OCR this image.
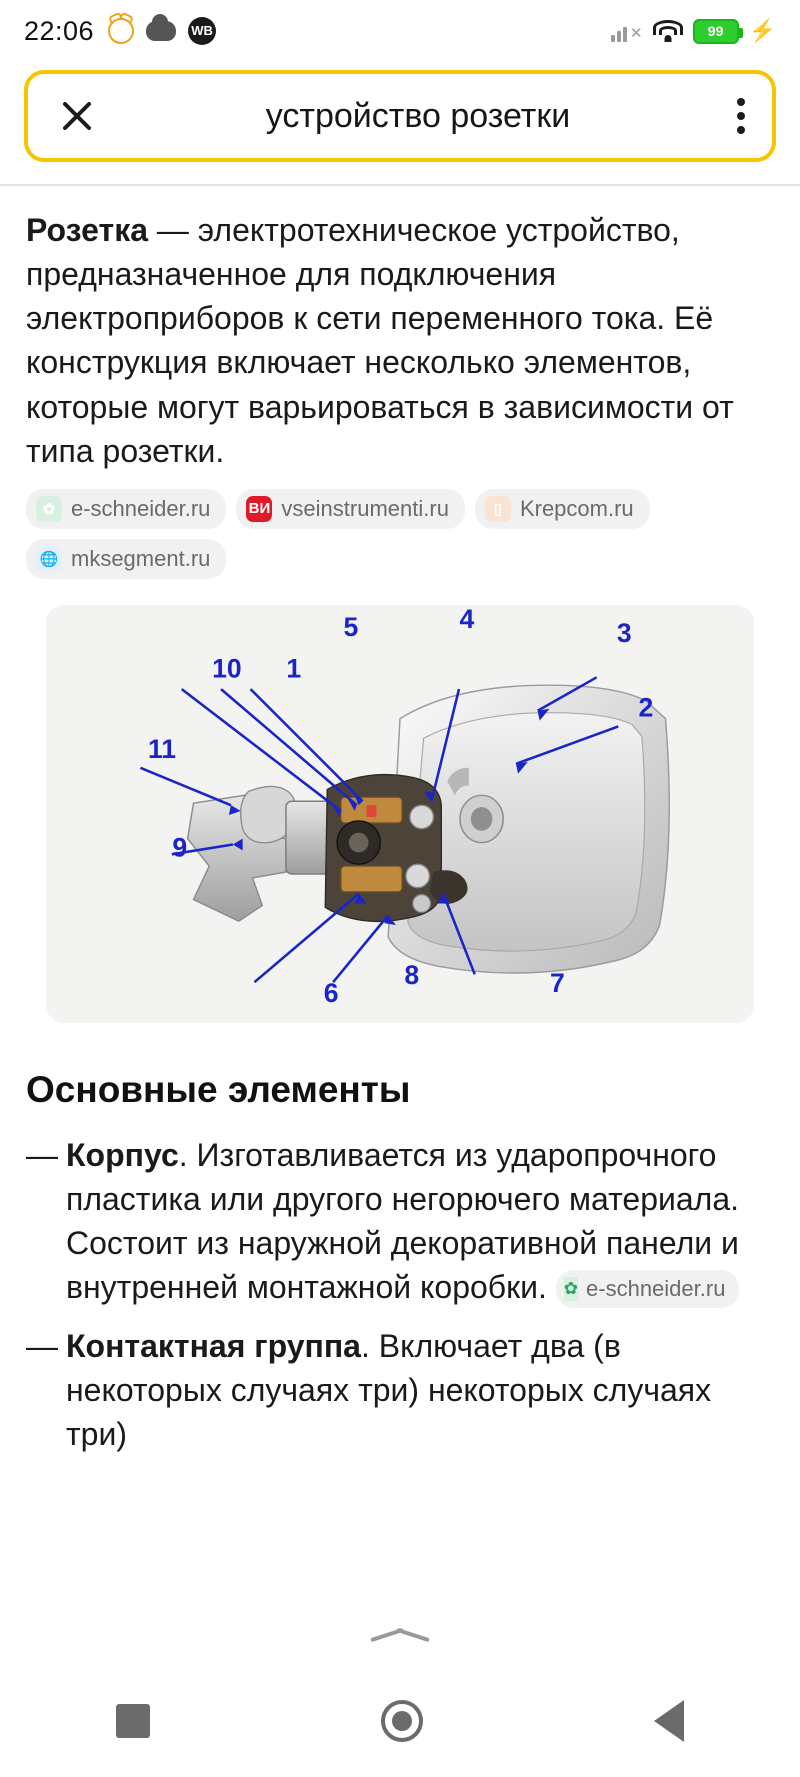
22:06	WB	✕	99 ⚡
устройство розетки
Розетка — электротехническое устройство, предназначенное для подключения электроприборов к сети переменного тока. Её конструкция включает несколько элементов, которые могут варьироваться в зависимости от типа розетки.
✿ e-schneider.ru	ВИ vseinstrumenti.ru	▯ Krepcom.ru
🌐 mksegment.ru
5	4	3
2
10 1
11
9
6
8	7
Основные элементы
— Корпус. Изготавливается из ударопрочного пластика или другого негорючего материала. Состоит из наружной декоративной панели и внутренней монтажной коробки. ✿ e-schneider.ru
— Контактная группа. Включает два (в некоторых случаях три) некоторых случаях три)
